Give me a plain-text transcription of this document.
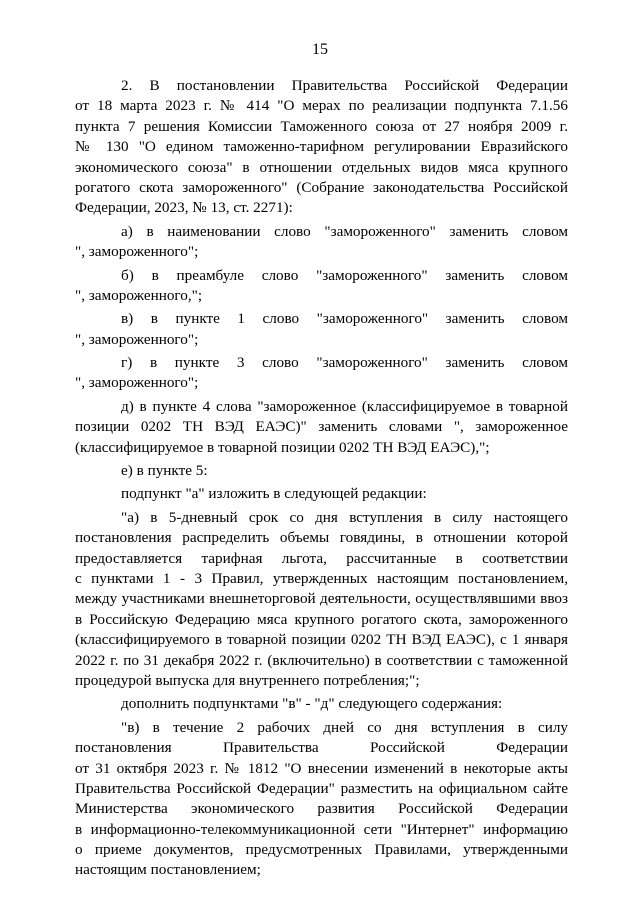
15
2. В постановлении Правительства Российской Федерации
от 18 марта 2023 г. № 414 "О мерах по реализации подпункта 7.1.56
пункта 7 решения Комиссии Таможенного союза от 27 ноября 2009 г.
№ 130 "О едином таможенно-тарифном регулировании Евразийского
экономического союза" в отношении отдельных видов мяса крупного
рогатого скота замороженного" (Собрание законодательства Российской
Федерации, 2023, № 13, ст. 2271):
а) в наименовании слово "замороженного" заменить словом
", замороженного";
б) в преамбуле слово "замороженного" заменить словом
", замороженного,";
в) в пункте 1 слово "замороженного" заменить словом
", замороженного";
г) в пункте 3 слово "замороженного" заменить словом
", замороженного";
д) в пункте 4 слова "замороженное (классифицируемое в товарной
позиции 0202 ТН ВЭД ЕАЭС)" заменить словами ", замороженное
(классифицируемое в товарной позиции 0202 ТН ВЭД ЕАЭС),";
е) в пункте 5:
подпункт "а" изложить в следующей редакции:
"а) в 5-дневный срок со дня вступления в силу настоящего
постановления распределить объемы говядины, в отношении которой
предоставляется тарифная льгота, рассчитанные в соответствии
с пунктами 1 - 3 Правил, утвержденных настоящим постановлением,
между участниками внешнеторговой деятельности, осуществлявшими ввоз
в Российскую Федерацию мяса крупного рогатого скота, замороженного
(классифицируемого в товарной позиции 0202 ТН ВЭД ЕАЭС), с 1 января
2022 г. по 31 декабря 2022 г. (включительно) в соответствии с таможенной
процедурой выпуска для внутреннего потребления;";
дополнить подпунктами "в" - "д" следующего содержания:
"в) в течение 2 рабочих дней со дня вступления в силу
постановления Правительства Российской Федерации
от 31 октября 2023 г. № 1812 "О внесении изменений в некоторые акты
Правительства Российской Федерации" разместить на официальном сайте
Министерства экономического развития Российской Федерации
в информационно-телекоммуникационной сети "Интернет" информацию
о приеме документов, предусмотренных Правилами, утвержденными
настоящим постановлением;
